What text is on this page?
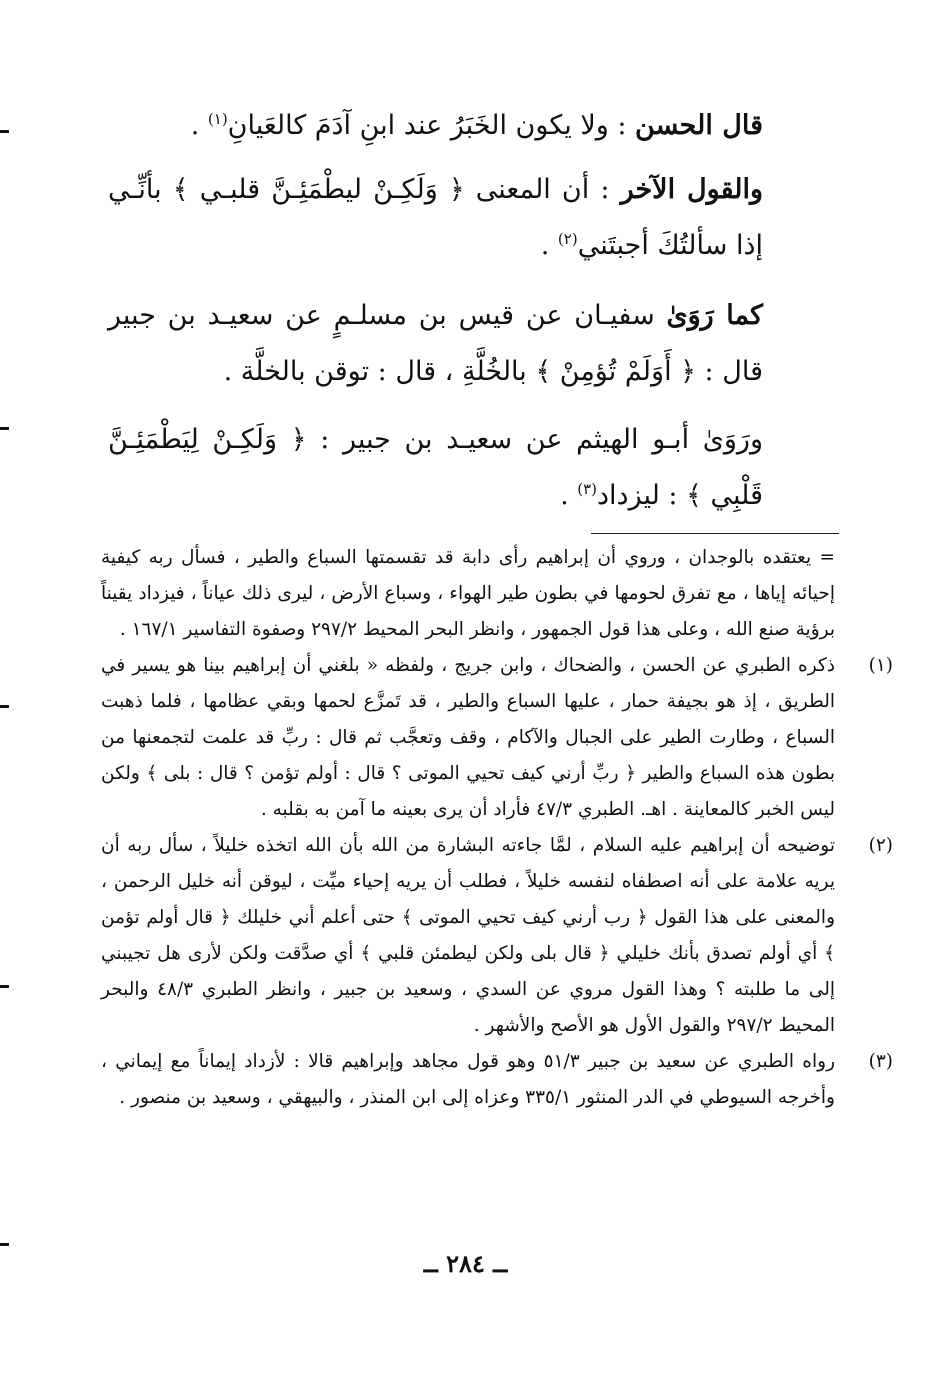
قال الحسن : ولا يكون الخَبَرُ عند ابنِ آدَمَ كالعَيانِ$^{(١)}$ .

والقول الآخر : أن المعنى ﴿ وَلَكِـنْ ليطْمَئِـنَّ قلبـي ﴾ بأنِّـي إذا سألتُكَ أجبتَني$^{(٢)}$ .

كما رَوَىٰ سفيـان عن قيس بن مسلـمٍ عن سعيـد بن جبير قال : ﴿ أَوَلَمْ تُؤمِنْ ﴾ بالخُلَّةِ ، قال : توقن بالخلَّة .

ورَوَىٰ أبـو الهيثم عن سعيـد بن جبير : ﴿ وَلَكِـنْ لِيَطْمَئِـنَّ قَلْبِي ﴾ : ليزداد$^{(٣)}$ .

= يعتقده بالوجدان ، وروي أن إبراهيم رأى دابة قد تقسمتها السباع والطير ، فسأل ربه كيفية إحيائه إياها ، مع تفرق لحومها في بطون طير الهواء ، وسباع الأرض ، ليرى ذلك عياناً ، فيزداد يقيناً برؤية صنع الله ، وعلى هذا قول الجمهور ، وانظر البحر المحيط ٢٩٧/٢ وصفوة التفاسير ١٦٧/١ .

(١)
ذكره الطبري عن الحسن ، والضحاك ، وابن جريج ، ولفظه « بلغني أن إبراهيم بينا هو يسير في الطريق ، إذ هو بجيفة حمار ، عليها السباع والطير ، قد تَمزَّع لحمها وبقي عظامها ، فلما ذهبت السباع ، وطارت الطير على الجبال والآكام ، وقف وتعجَّب ثم قال : ربِّ قد علمت لتجمعنها من بطون هذه السباع والطير ﴿ ربِّ أرني كيف تحيي الموتى ؟ قال : أولم تؤمن ؟ قال : بلى ﴾ ولكن ليس الخبر كالمعاينة . اهـ. الطبري ٤٧/٣ فأراد أن يرى بعينه ما آمن به بقلبه .

(٢)
توضيحه أن إبراهيم عليه السلام ، لمَّا جاءته البشارة من الله بأن الله اتخذه خليلاً ، سأل ربه أن يريه علامة على أنه اصطفاه لنفسه خليلاً ، فطلب أن يريه إحياء ميِّت ، ليوقن أنه خليل الرحمن ، والمعنى على هذا القول ﴿ رب أرني كيف تحيي الموتى ﴾ حتى أعلم أني خليلك ﴿ قال أولم تؤمن ﴾ أي أولم تصدق بأنك خليلي ﴿ قال بلى ولكن ليطمئن قلبي ﴾ أي صدَّقت ولكن لأرى هل تجيبني إلى ما طلبته ؟ وهذا القول مروي عن السدي ، وسعيد بن جبير ، وانظر الطبري ٤٨/٣ والبحر المحيط ٢٩٧/٢ والقول الأول هو الأصح والأشهر .

(٣)
رواه الطبري عن سعيد بن جبير ٥١/٣ وهو قول مجاهد وإبراهيم قالا : لأزداد إيماناً مع إيماني ، وأخرجه السيوطي في الدر المنثور ٣٣٥/١ وعزاه إلى ابن المنذر ، والبيهقي ، وسعيد بن منصور .

ــ ٢٨٤ ــ
